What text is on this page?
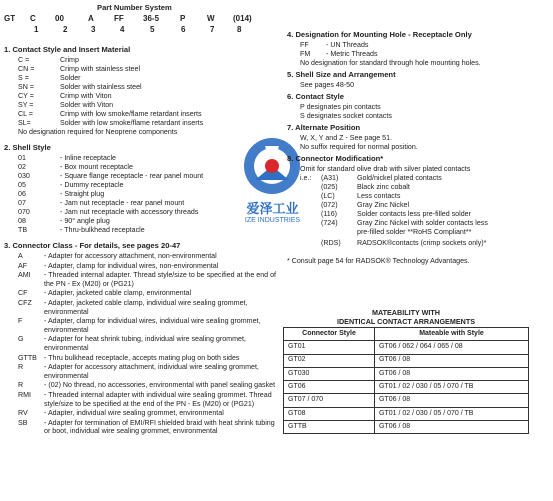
Part Number System
GT C 00	A	FF 36-5	P	W (014)
1	2	3	4	5	6	7	8
1. Contact Style and Insert Material
C =	Crimp
CN =	Crimp with stainless steel
S =	Solder
SN =	Solder with stainless steel
CY =	Crimp with Viton
SY =	Solder with Viton
CL =	Crimp with low smoke/flame retardant inserts
SL=	Solder with low smoke/flame retardant inserts
No designation required for Neoprene components
2. Shell Style
01	- Inline receptacle
02	- Box mount receptacle
030	- Square flange receptacle - rear panel mount
05	- Dummy receptacle
06	- Straight plug
07	- Jam nut receptacle - rear panel mount
070	- Jam nut receptacle with accessory threads
08	- 90° angle plug
TB	- Thru-bulkhead receptacle
3. Connector Class - For details, see pages 20-47
A	- Adapter for accessory attachment, non-environmental
AF	- Adapter, clamp for individual wires, non-environmental
AMI	- Threaded internal adapter. Thread style/size to be specified at the end of the PN - Ex (M20) or (PG21)
CF	- Adapter, jacketed cable clamp, environmental
CFZ	- Adapter, jacketed cable clamp, individual wire sealing grommet, environmental
F	- Adapter, clamp for individual wires, individual wire sealing grommet, environmental
G	- Adapter for heat shrink tubing, individual wire sealing grommet, environmental
GTTB - Thru bulkhead receptacle, accepts mating plug on both sides
R	- Adapter for accessory attachment, individual wire sealing grommet, environmental
R	- (02) No thread, no accessories, environmental with panel sealing gasket
RMI	- Threaded internal adapter with individual wire sealing grommet. Thread style/size to be specified at the end of the PN - Es (M20) or (PG21)
RV	- Adapter, individual wire sealing grommet, environmental
SB	- Adapter for termination of EMI/RFI shielded braid with heat shrink tubing or boot, individual wire sealing grommet, environmental
爱泽工业
IZE INDUSTRIES
4. Designation for Mounting Hole - Receptacle Only
FF - UN Threads
FM - Metric Threads
No designation for standard through hole mounting holes.
5. Shell Size and Arrangement
See pages 48-50
6. Contact Style
P designates pin contacts
S designates socket contacts
7. Alternate Position
W, X, Y and Z - See page 51.
No suffix required for normal position.
8. Connector Modification*
Omit for standard olive drab with silver plated contacts
i.e.: (A31)	Gold/nickel plated contacts
(025)	Black zinc cobalt
(LC)	Less contacts
(072)	Gray Zinc Nickel
(116)	Solder contacts less pre-filled solder
(724)	Gray Zinc Nickel with solder contacts less
pre-filled solder **RoHS Compliant**
(RDS) RADSOK®contacts (crimp sockets only)*
* Consult page 54 for RADSOK® Technology Advantages.
MATEABILITY WITH
IDENTICAL CONTACT ARRANGEMENTS
Connector Style	Mateable with Style
GT01	GT06 / 062 / 064 / 065 / 08
GT02	GT06 / 08
GT030	GT06 / 08
GT06	GT01 / 02 / 030 / 05 / 070 / TB
GT07 / 070	GT06 / 08
GT08	GT01 / 02 / 030 / 05 / 070 / TB
GTTB	GT06 / 08
